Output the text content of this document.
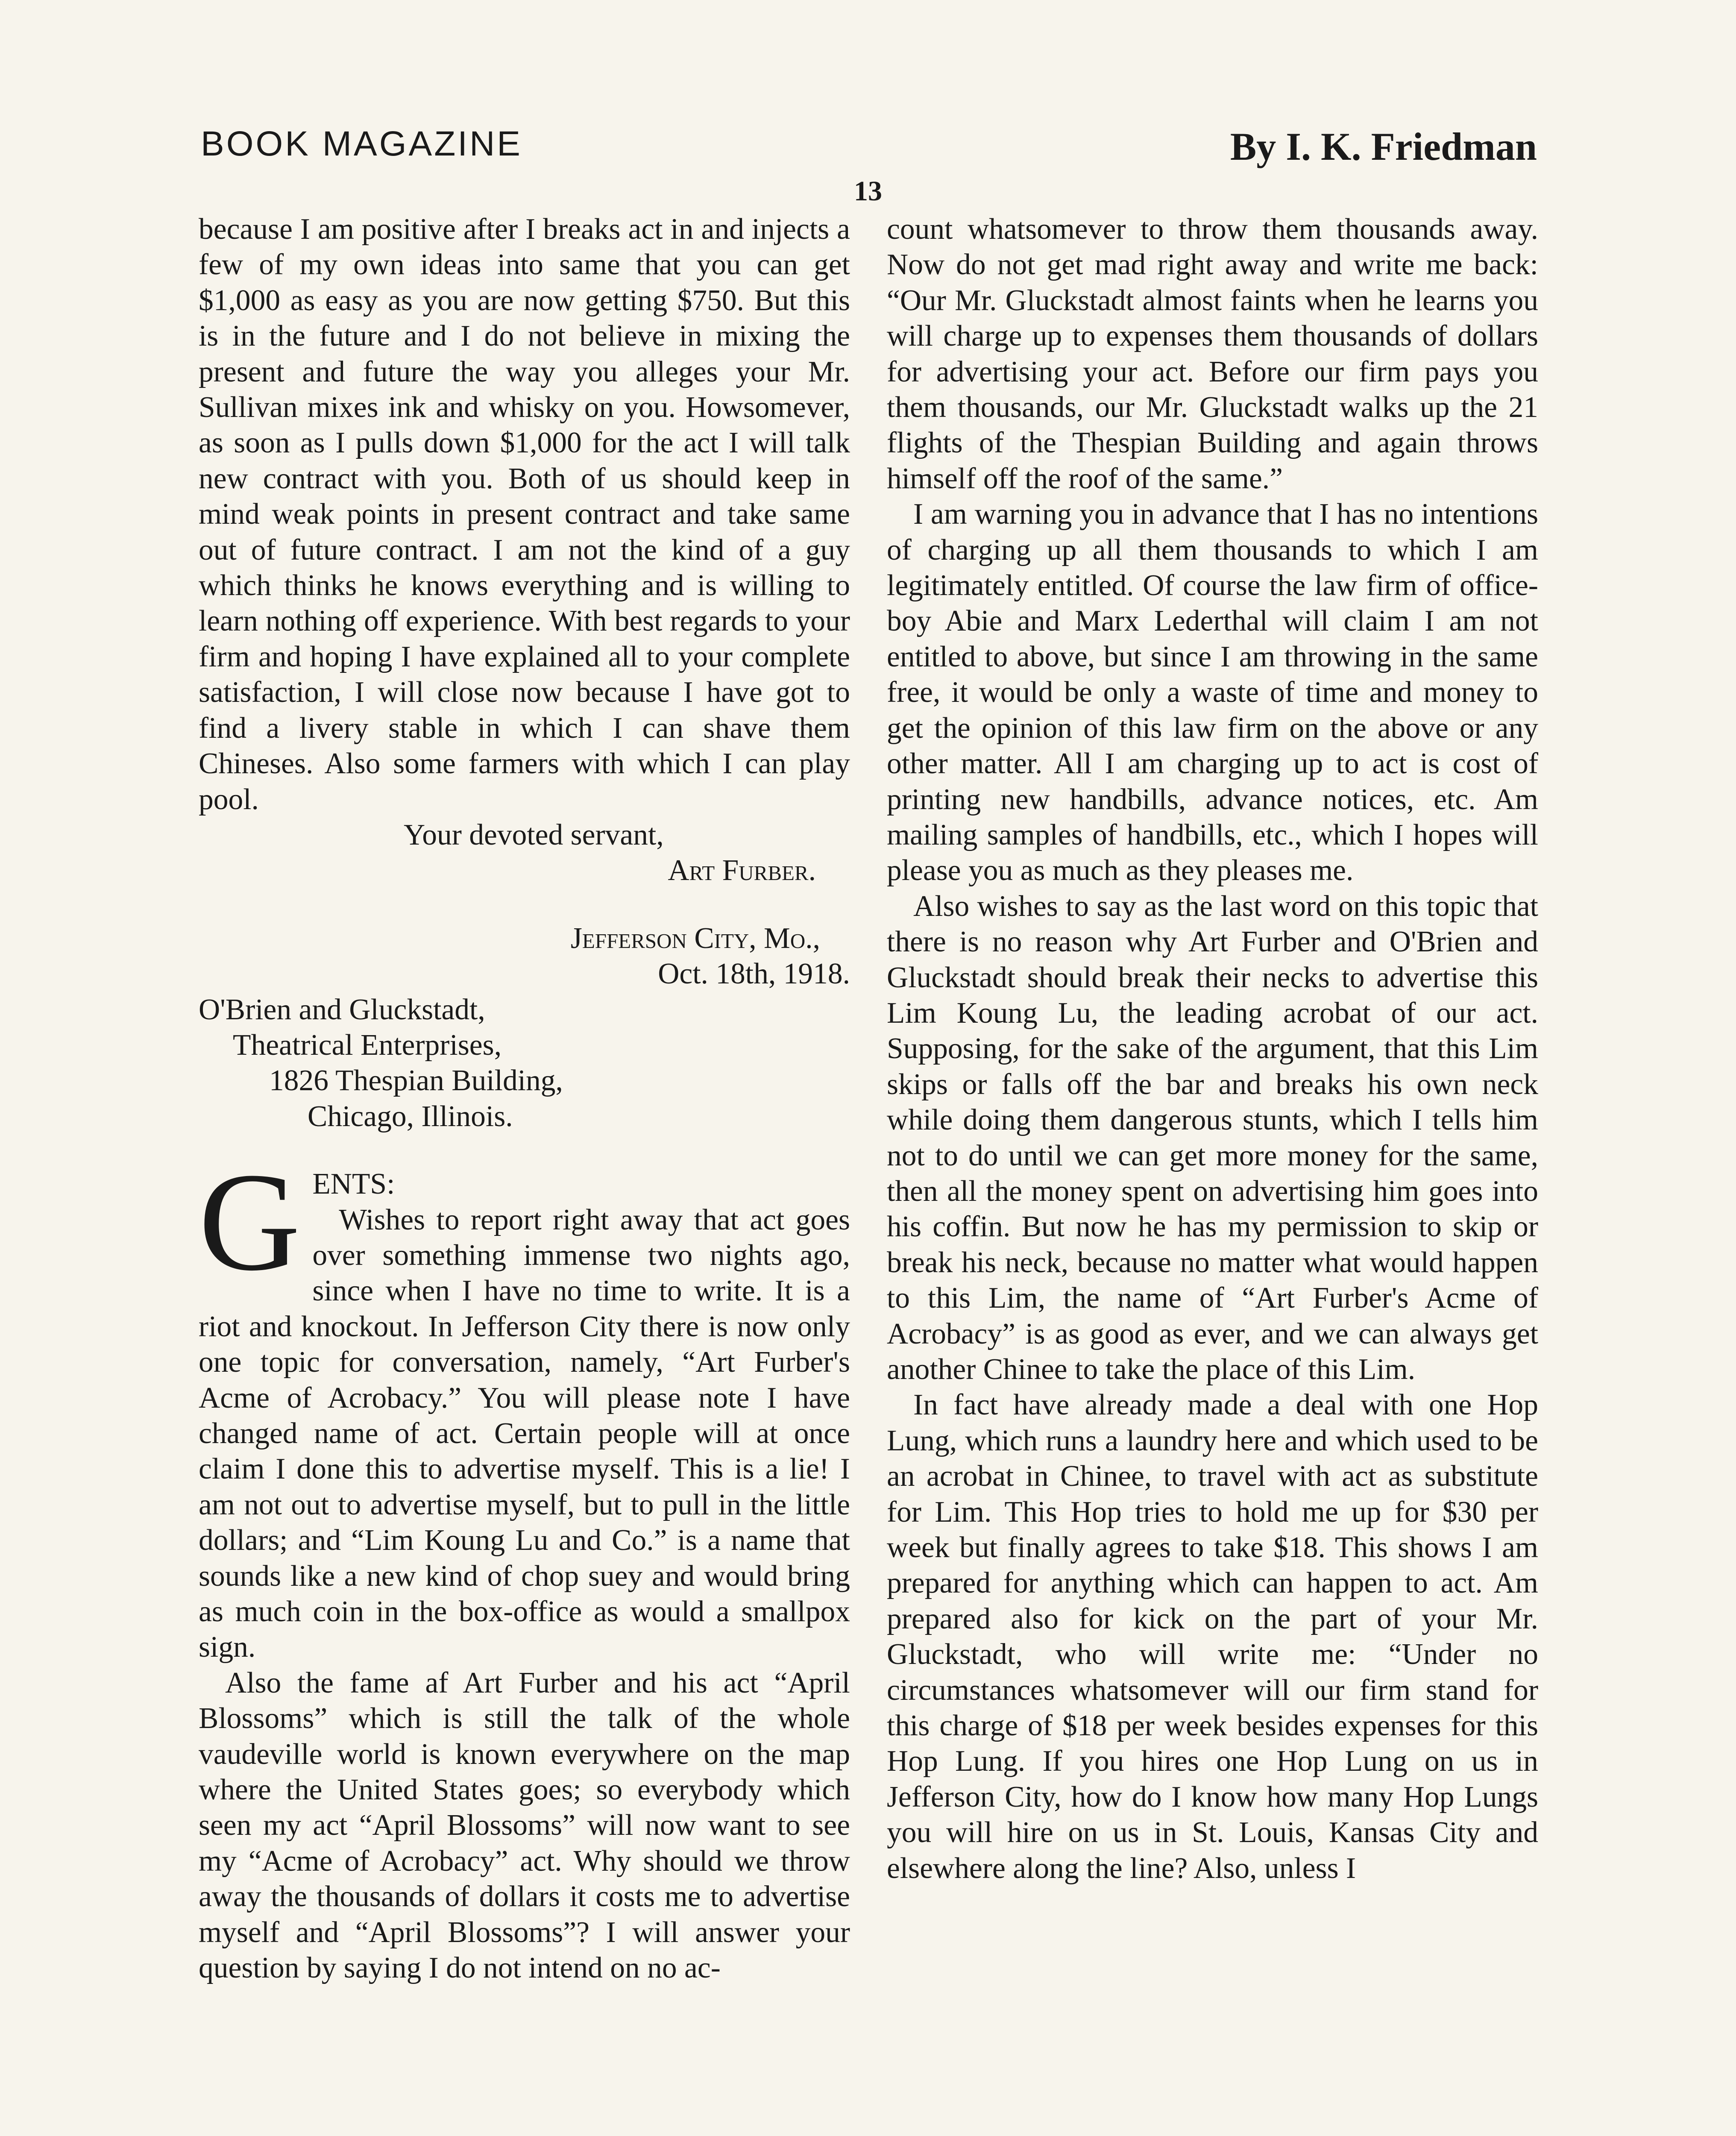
BOOK MAGAZINE	By I. K. Friedman
13

because I am positive after I breaks act in and injects a few of my own ideas into same that you can get $1,000 as easy as you are now getting $750. But this is in the future and I do not believe in mixing the present and future the way you alleges your Mr. Sullivan mixes ink and whisky on you. Howsomever, as soon as I pulls down $1,000 for the act I will talk new contract with you. Both of us should keep in mind weak points in present contract and take same out of future contract. I am not the kind of a guy which thinks he knows everything and is willing to learn nothing off experience. With best regards to your firm and hoping I have explained all to your complete satisfaction, I will close now because I have got to find a livery stable in which I can shave them Chineses. Also some farmers with which I can play pool.

Your devoted servant,

Art Furber.

Jefferson City, Mo.,

Oct. 18th, 1918.

O'Brien and Gluckstadt,

Theatrical Enterprises,

1826 Thespian Building,

Chicago, Illinois.

G ENTS:

Wishes to report right away that act goes over something immense two nights ago, since when I have no time to write. It is a riot and knockout. In Jefferson City there is now only one topic for conversation, namely, “Art Furber's Acme of Acrobacy.” You will please note I have changed name of act. Certain people will at once claim I done this to advertise myself. This is a lie! I am not out to advertise myself, but to pull in the little dollars; and “Lim Koung Lu and Co.” is a name that sounds like a new kind of chop suey and would bring as much coin in the box-office as would a smallpox sign.

Also the fame af Art Furber and his act “April Blossoms” which is still the talk of the whole vaudeville world is known everywhere on the map where the United States goes; so everybody which seen my act “April Blossoms” will now want to see my “Acme of Acrobacy” act. Why should we throw away the thousands of dollars it costs me to advertise myself and “April Blossoms”? I will answer your question by saying I do not intend on no ac-

count whatsomever to throw them thousands away. Now do not get mad right away and write me back: “Our Mr. Gluckstadt almost faints when he learns you will charge up to expenses them thousands of dollars for advertising your act. Before our firm pays you them thousands, our Mr. Gluckstadt walks up the 21 flights of the Thespian Building and again throws himself off the roof of the same.”

I am warning you in advance that I has no intentions of charging up all them thousands to which I am legitimately entitled. Of course the law firm of office-boy Abie and Marx Lederthal will claim I am not entitled to above, but since I am throwing in the same free, it would be only a waste of time and money to get the opinion of this law firm on the above or any other matter. All I am charging up to act is cost of printing new handbills, advance notices, etc. Am mailing samples of handbills, etc., which I hopes will please you as much as they pleases me.

Also wishes to say as the last word on this topic that there is no reason why Art Furber and O'Brien and Gluckstadt should break their necks to advertise this Lim Koung Lu, the leading acrobat of our act. Supposing, for the sake of the argument, that this Lim skips or falls off the bar and breaks his own neck while doing them dangerous stunts, which I tells him not to do until we can get more money for the same, then all the money spent on advertising him goes into his coffin. But now he has my permission to skip or break his neck, because no matter what would happen to this Lim, the name of “Art Furber's Acme of Acrobacy” is as good as ever, and we can always get another Chinee to take the place of this Lim.

In fact have already made a deal with one Hop Lung, which runs a laundry here and which used to be an acrobat in Chinee, to travel with act as substitute for Lim. This Hop tries to hold me up for $30 per week but finally agrees to take $18. This shows I am prepared for anything which can happen to act. Am prepared also for kick on the part of your Mr. Gluckstadt, who will write me: “Under no circumstances whatsomever will our firm stand for this charge of $18 per week besides expenses for this Hop Lung. If you hires one Hop Lung on us in Jefferson City, how do I know how many Hop Lungs you will hire on us in St. Louis, Kansas City and elsewhere along the line? Also, unless I
